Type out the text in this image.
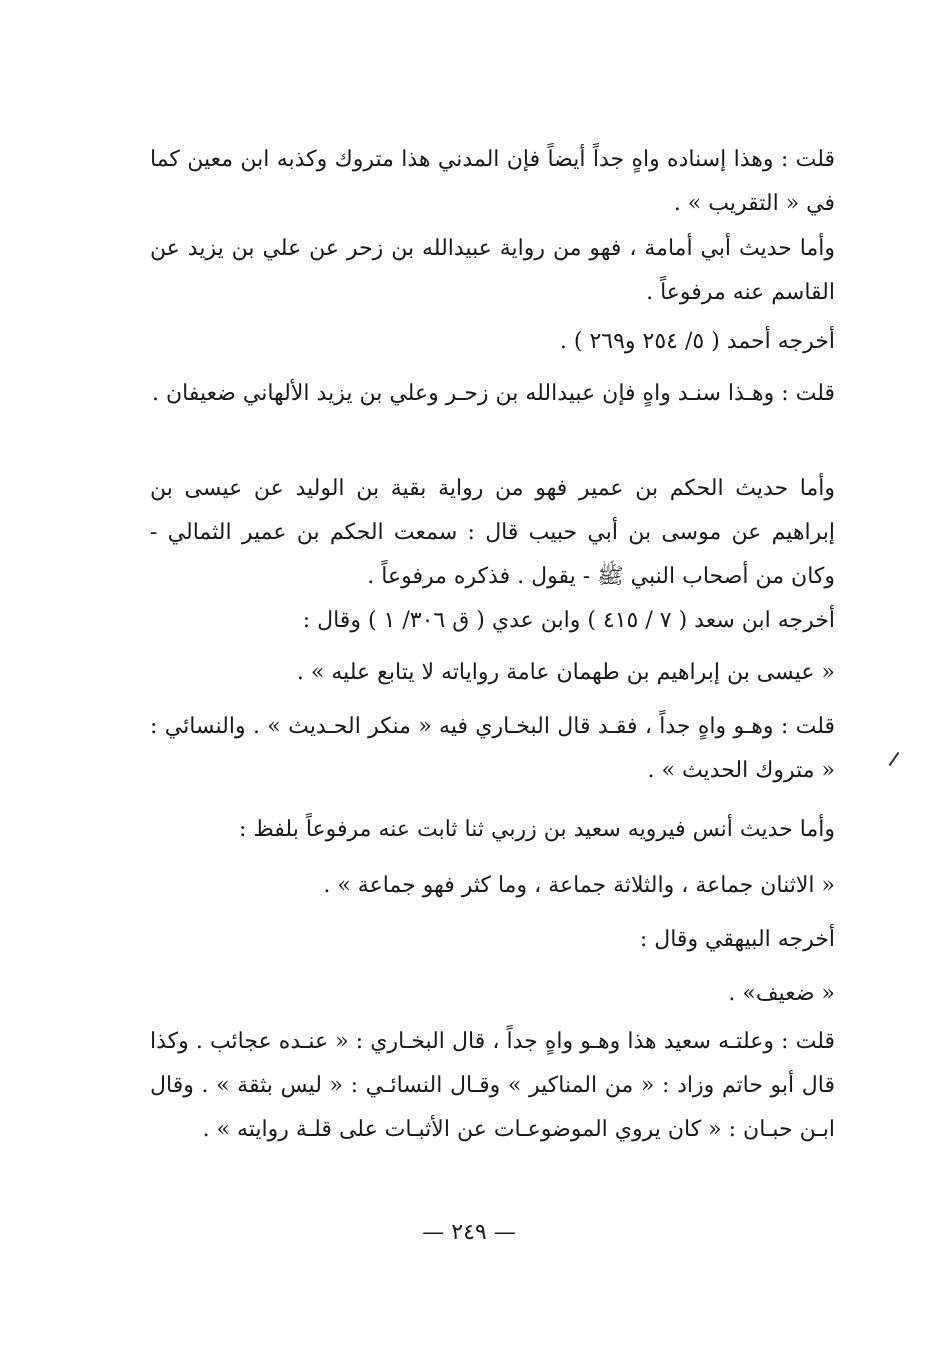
قلت : وهذا إسناده واهٍ جداً أيضاً فإن المدني هذا متروك وكذبه ابن معين كما في « التقريب » .

وأما حديث أبي أمامة ، فهو من رواية عبيدالله بن زحر عن علي بن يزيد عن القاسم عنه مرفوعاً .

أخرجه أحمد ( ٥/ ٢٥٤ و٢٦٩ ) .

قلت : وهـذا سنـد واهٍ فإن عبيدالله بن زحـر وعلي بن يزيد الألهاني ضعيفان .

وأما حديث الحكم بن عمير فهو من رواية بقية بن الوليد عن عيسى بن إبراهيم عن موسى بن أبي حبيب قال : سمعت الحكم بن عمير الثمالي - وكان من أصحاب النبي ﷺ - يقول . فذكره مرفوعاً .

أخرجه ابن سعد ( ٧ / ٤١٥ ) وابن عدي ( ق ٣٠٦/ ١ ) وقال :

« عيسى بن إبراهيم بن طهمان عامة رواياته لا يتابع عليه » .

قلت : وهـو واهٍ جداً ، فقـد قال البخـاري فيه « منكر الحـديث » . والنسائي : « متروك الحديث » .

وأما حديث أنس فيرويه سعيد بن زربي ثنا ثابت عنه مرفوعاً بلفظ :

« الاثنان جماعة ، والثلاثة جماعة ، وما كثر فهو جماعة » .

أخرجه البيهقي وقال :

« ضعيف» .

قلت : وعلتـه سعيد هذا وهـو واهٍ جداً ، قال البخـاري : « عنـده عجائب . وكذا قال أبو حاتم وزاد : « من المناكير » وقـال النسائـي : « ليس بثقة » . وقال ابـن حبـان : « كان يروي الموضوعـات عن الأثبـات على قلـة روايته » .

— ٢٤٩ —
